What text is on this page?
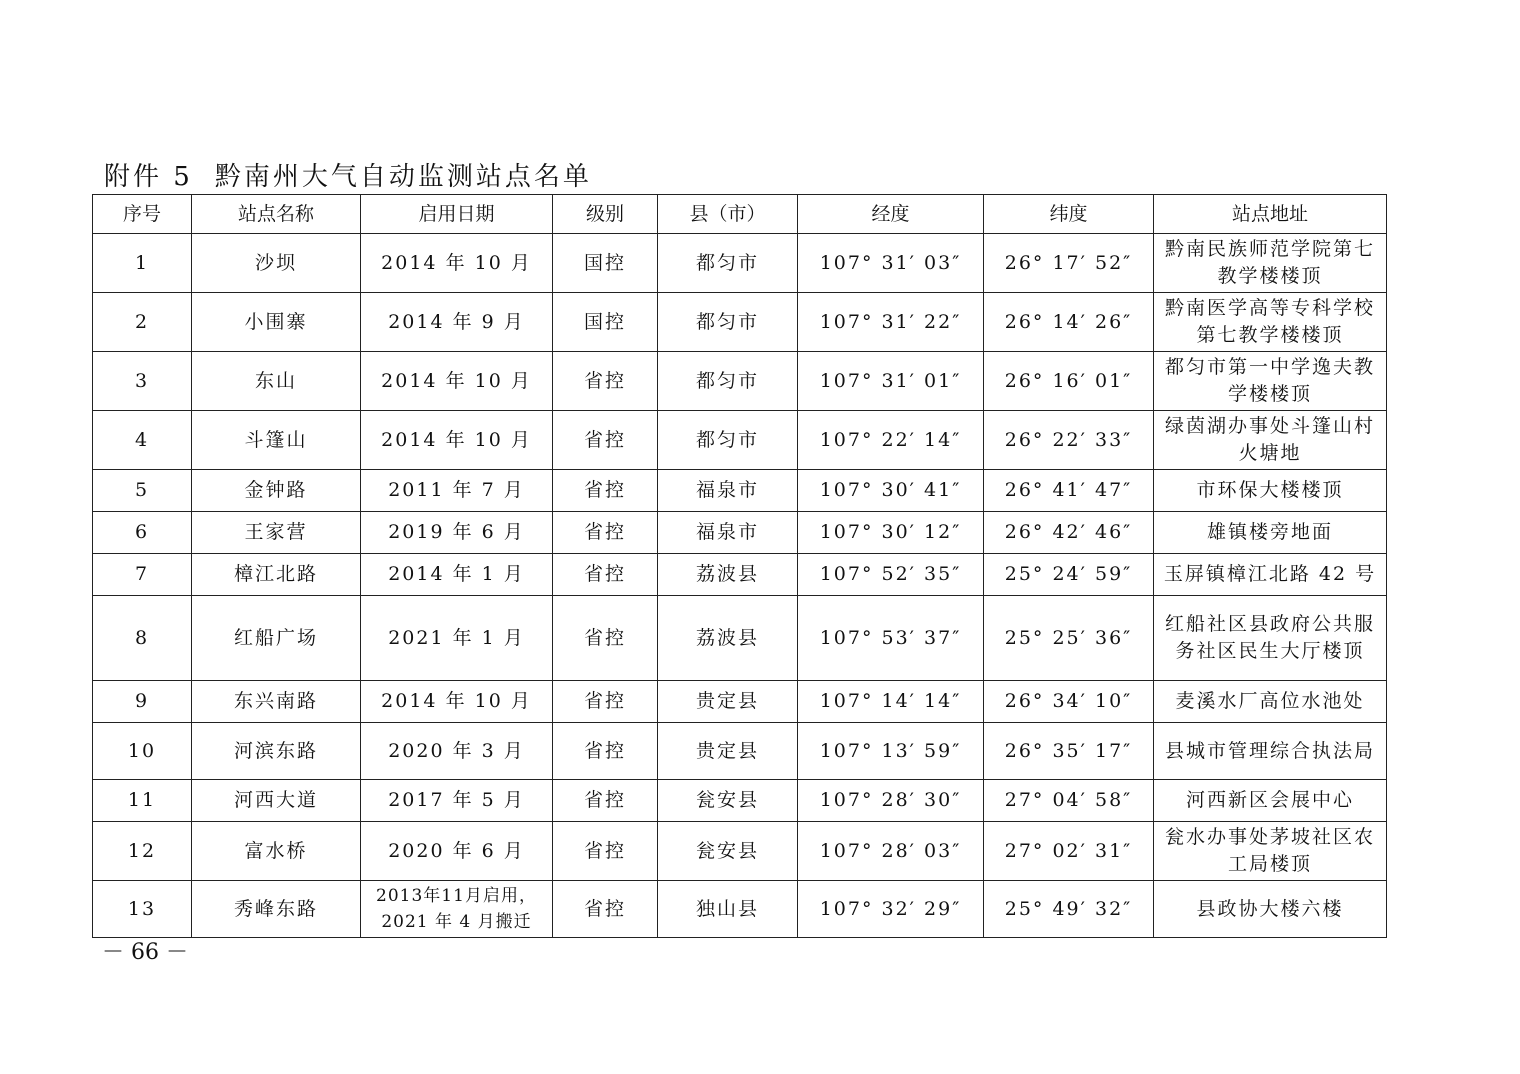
附件 5 黔南州大气自动监测站点名单
序号	站点名称	启用日期	级别	县（市）	经度	纬度	站点地址
1	沙坝	2014 年 10 月	国控	都匀市	107° 31′ 03″	26° 17′ 52″	黔南民族师范学院第七教学楼楼顶
2	小围寨	2014 年 9 月	国控	都匀市	107° 31′ 22″	26° 14′ 26″	黔南医学高等专科学校第七教学楼楼顶
3	东山	2014 年 10 月	省控	都匀市	107° 31′ 01″	26° 16′ 01″	都匀市第一中学逸夫教学楼楼顶
4	斗篷山	2014 年 10 月	省控	都匀市	107° 22′ 14″	26° 22′ 33″	绿茵湖办事处斗篷山村火塘地
5	金钟路	2011 年 7 月	省控	福泉市	107° 30′ 41″	26° 41′ 47″	市环保大楼楼顶
6	王家营	2019 年 6 月	省控	福泉市	107° 30′ 12″	26° 42′ 46″	雄镇楼旁地面
7	樟江北路	2014 年 1 月	省控	荔波县	107° 52′ 35″	25° 24′ 59″	玉屏镇樟江北路 42 号
8	红船广场	2021 年 1 月	省控	荔波县	107° 53′ 37″	25° 25′ 36″	红船社区县政府公共服务社区民生大厅楼顶
9	东兴南路	2014 年 10 月	省控	贵定县	107° 14′ 14″	26° 34′ 10″	麦溪水厂高位水池处
10	河滨东路	2020 年 3 月	省控	贵定县	107° 13′ 59″	26° 35′ 17″	县城市管理综合执法局
11	河西大道	2017 年 5 月	省控	瓮安县	107° 28′ 30″	27° 04′ 58″	河西新区会展中心
12	富水桥	2020 年 6 月	省控	瓮安县	107° 28′ 03″	27° 02′ 31″	瓮水办事处茅坡社区农工局楼顶
13	秀峰东路	2013年11月启用，2021 年 4 月搬迁	省控	独山县	107° 32′ 29″	25° 49′ 32″	县政协大楼六楼
－ 66 －
